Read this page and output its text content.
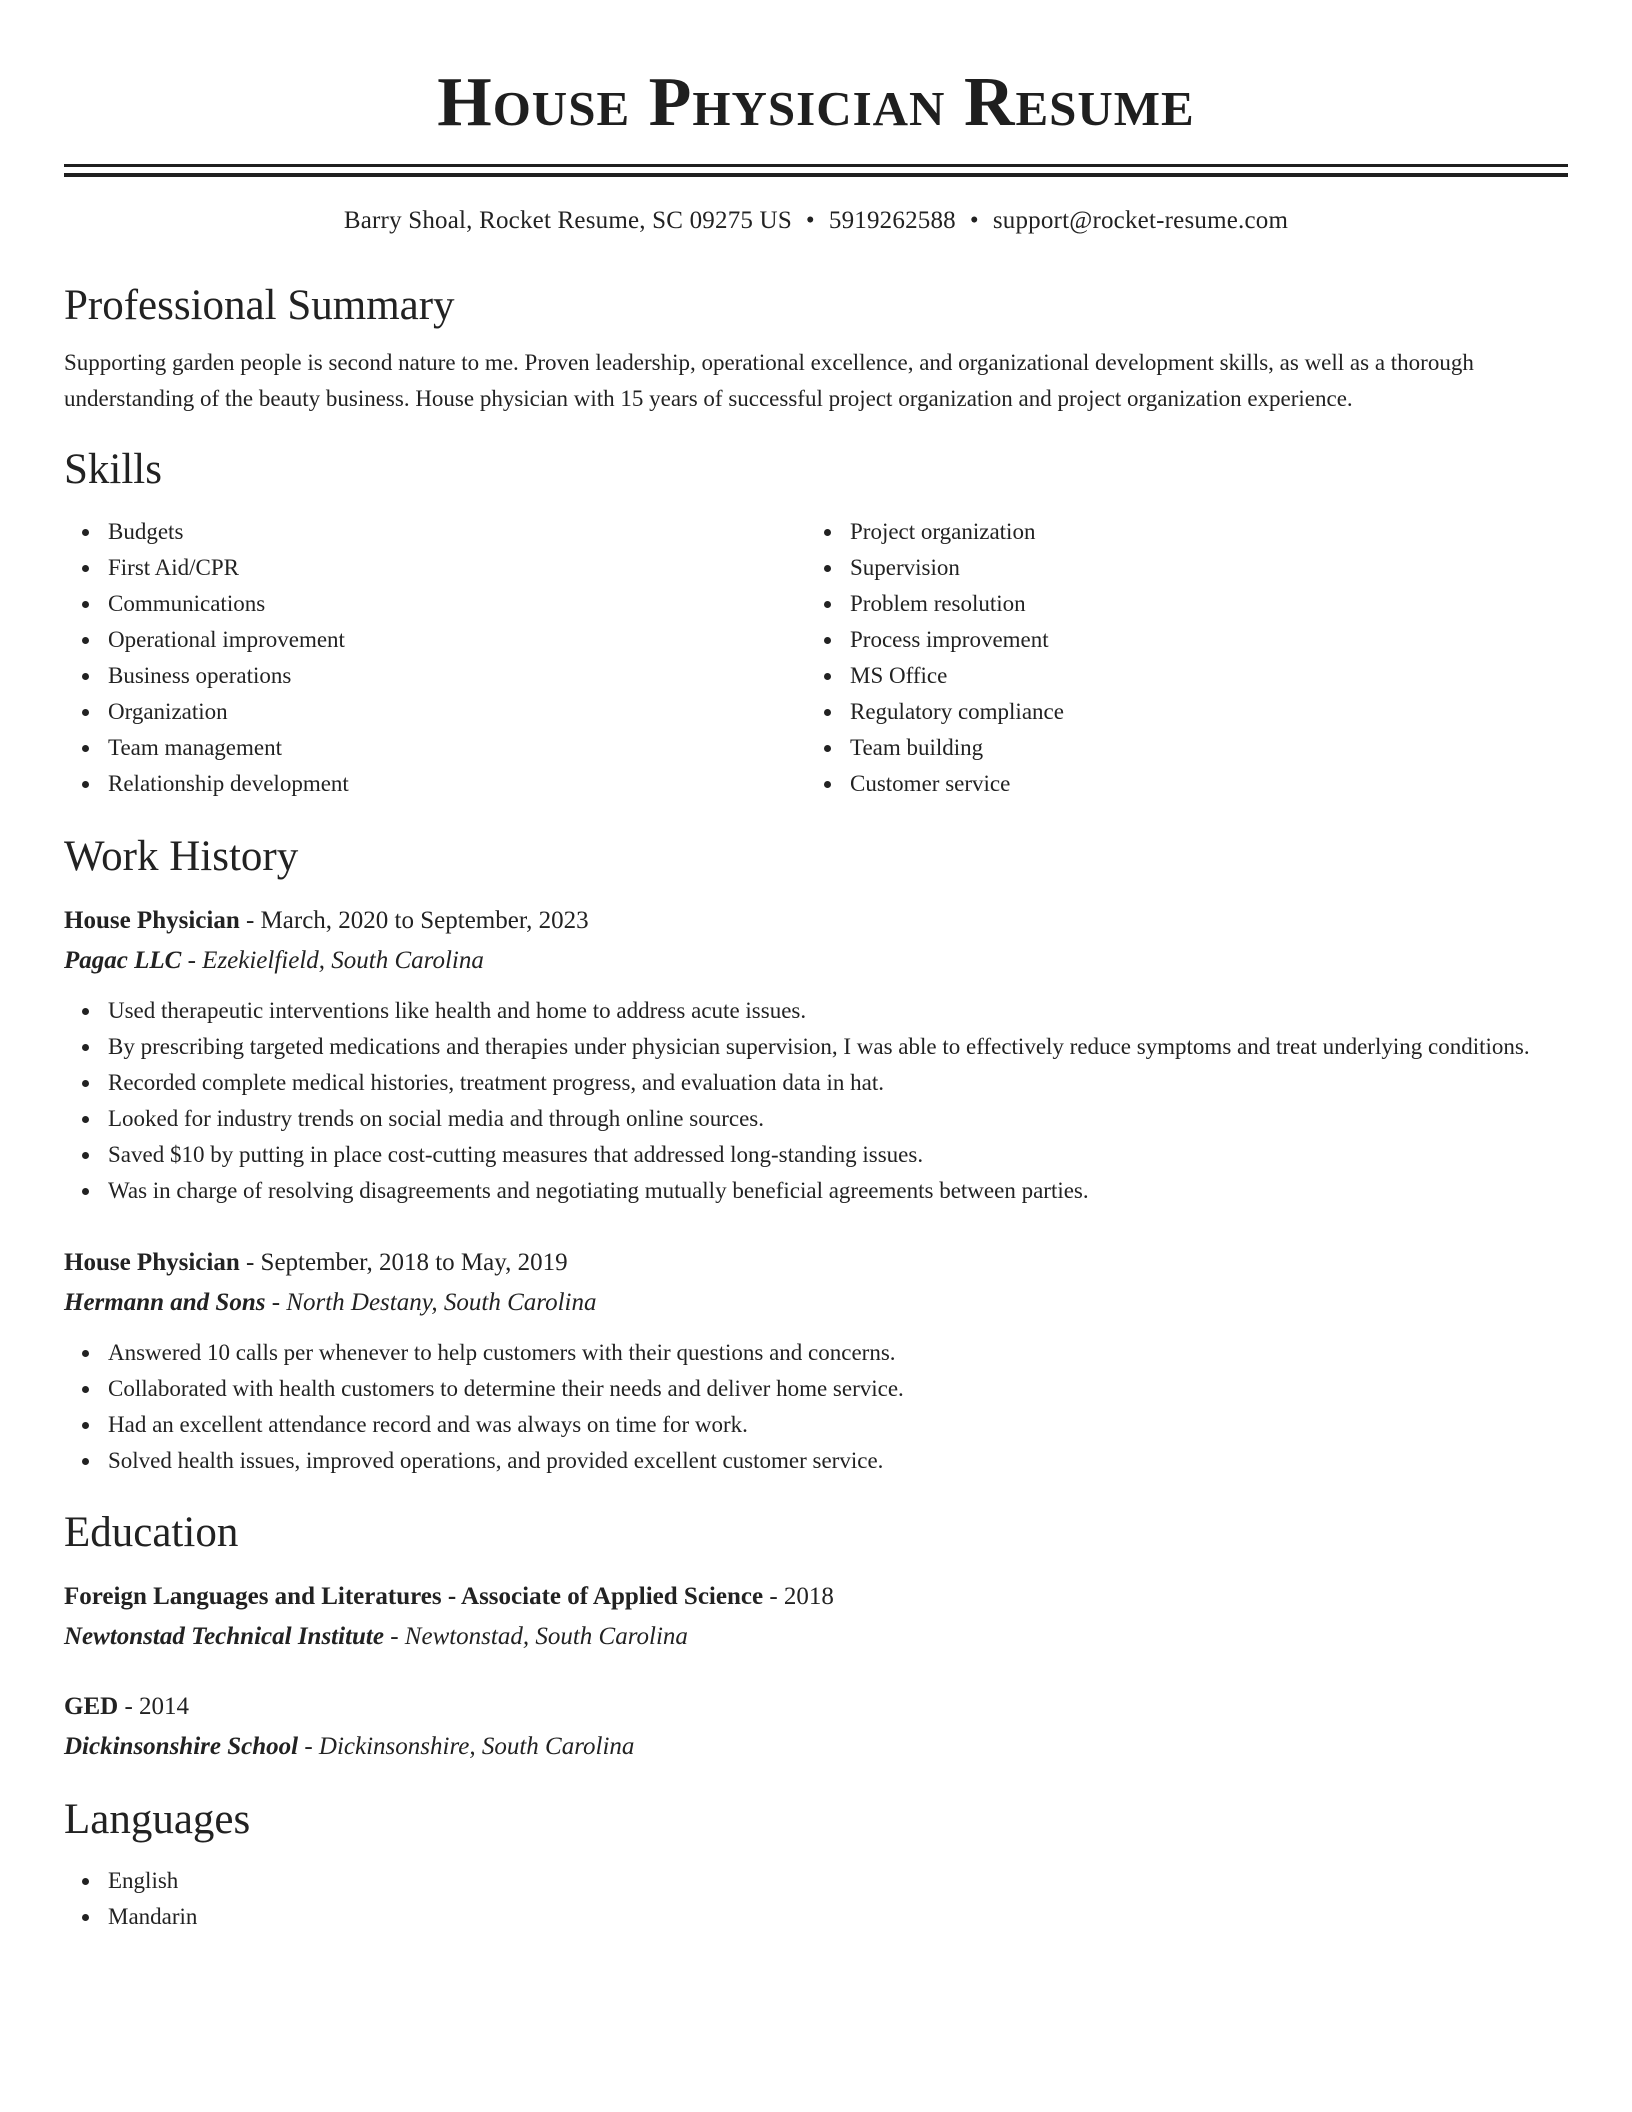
House Physician Resume
Barry Shoal, Rocket Resume, SC 09275 US • 5919262588 • support@rocket-resume.com
Professional Summary
Supporting garden people is second nature to me. Proven leadership, operational excellence, and organizational development skills, as well as a thorough understanding of the beauty business. House physician with 15 years of successful project organization and project organization experience.
Skills
Budgets
First Aid/CPR
Communications
Operational improvement
Business operations
Organization
Team management
Relationship development
Project organization
Supervision
Problem resolution
Process improvement
MS Office
Regulatory compliance
Team building
Customer service
Work History
House Physician - March, 2020 to September, 2023
Pagac LLC - Ezekielfield, South Carolina
Used therapeutic interventions like health and home to address acute issues.
By prescribing targeted medications and therapies under physician supervision, I was able to effectively reduce symptoms and treat underlying conditions.
Recorded complete medical histories, treatment progress, and evaluation data in hat.
Looked for industry trends on social media and through online sources.
Saved $10 by putting in place cost-cutting measures that addressed long-standing issues.
Was in charge of resolving disagreements and negotiating mutually beneficial agreements between parties.
House Physician - September, 2018 to May, 2019
Hermann and Sons - North Destany, South Carolina
Answered 10 calls per whenever to help customers with their questions and concerns.
Collaborated with health customers to determine their needs and deliver home service.
Had an excellent attendance record and was always on time for work.
Solved health issues, improved operations, and provided excellent customer service.
Education
Foreign Languages and Literatures - Associate of Applied Science - 2018
Newtonstad Technical Institute - Newtonstad, South Carolina
GED - 2014
Dickinsonshire School - Dickinsonshire, South Carolina
Languages
English
Mandarin
